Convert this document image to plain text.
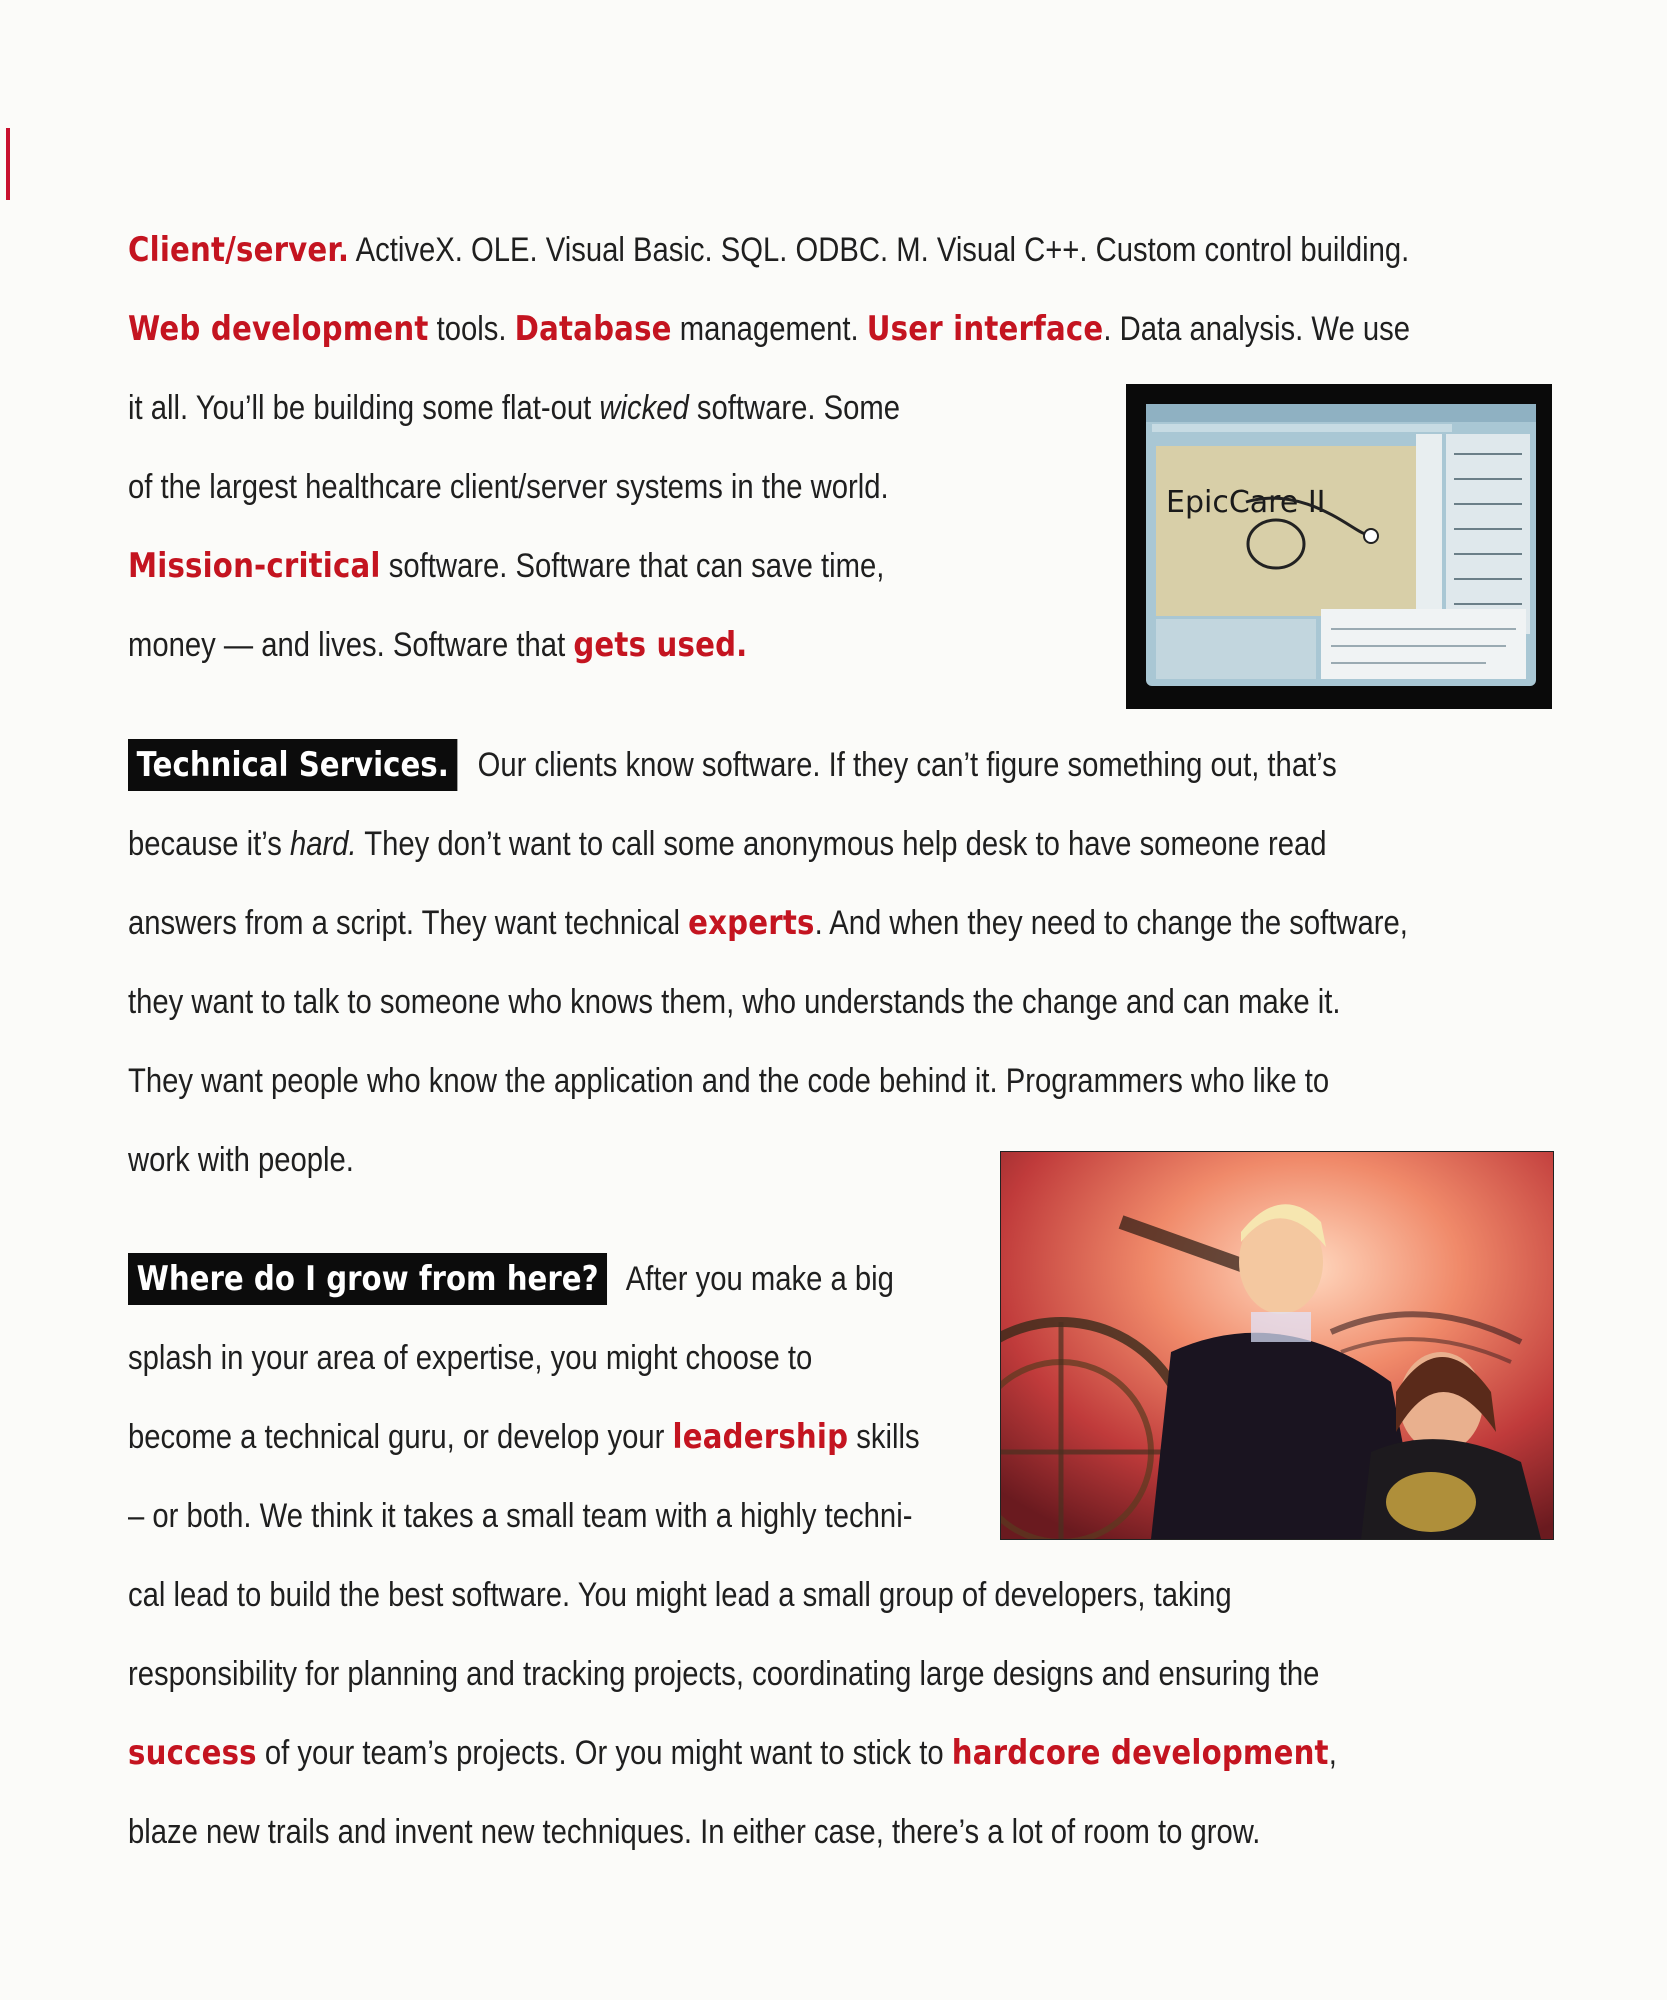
Client/server. ActiveX. OLE. Visual Basic. SQL. ODBC. M. Visual C++. Custom control building.
Web development tools. Database management. User interface. Data analysis. We use
it all. You’ll be building some flat-out wicked software. Some
of the largest healthcare client/server systems in the world.
Mission-critical software. Software that can save time,
money — and lives. Software that gets used.
EpicCare II
Technical Services. Our clients know software. If they can’t figure something out, that’s
because it’s hard. They don’t want to call some anonymous help desk to have someone read
answers from a script. They want technical experts. And when they need to change the software,
they want to talk to someone who knows them, who understands the change and can make it.
They want people who know the application and the code behind it. Programmers who like to
work with people.
Where do I grow from here? After you make a big
splash in your area of expertise, you might choose to
become a technical guru, or develop your leadership skills
– or both. We think it takes a small team with a highly techni-
cal lead to build the best software. You might lead a small group of developers, taking
responsibility for planning and tracking projects, coordinating large designs and ensuring the
success of your team’s projects. Or you might want to stick to hardcore development,
blaze new trails and invent new techniques. In either case, there’s a lot of room to grow.
